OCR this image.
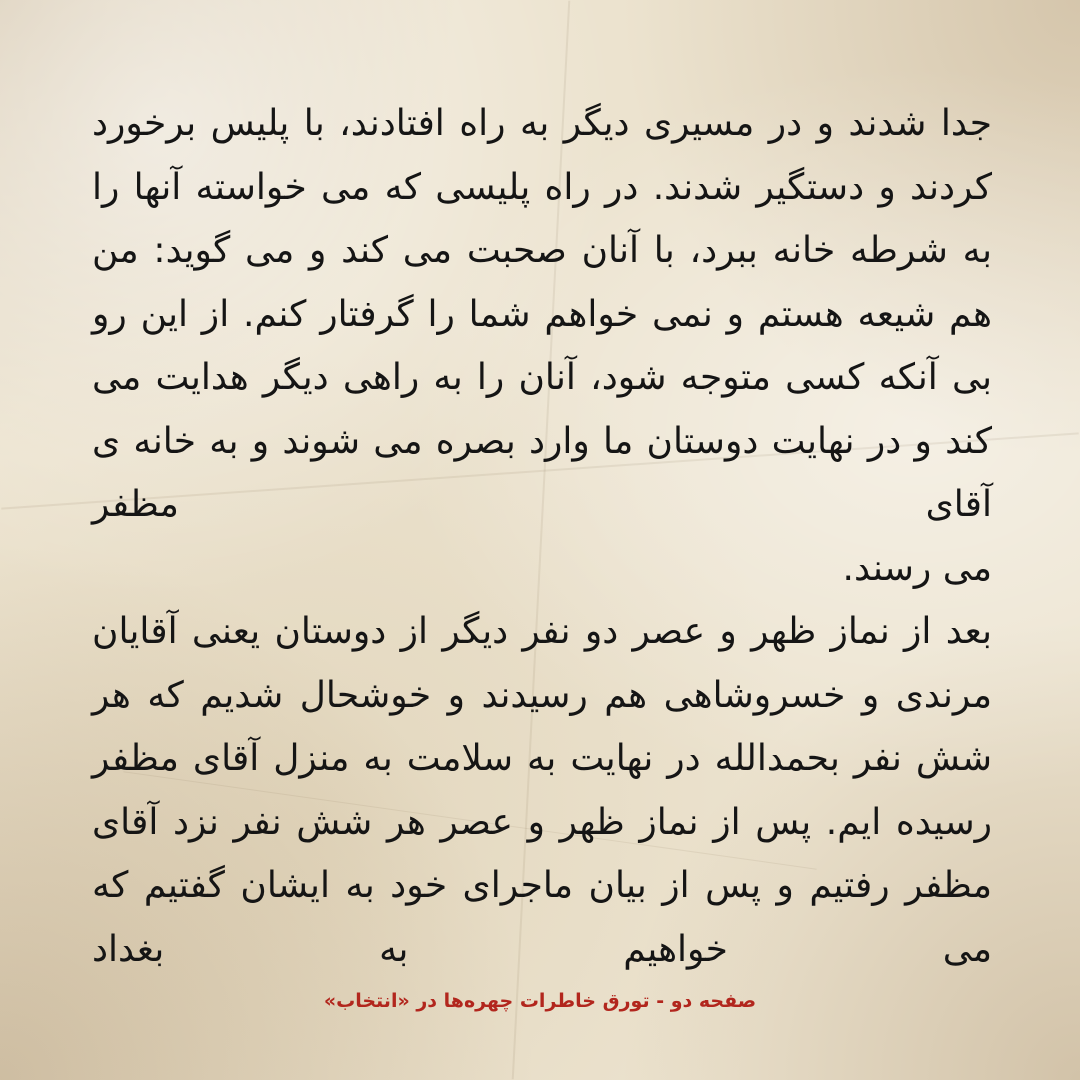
جدا شدند و در مسیری دیگر به راه افتادند، با پلیس برخورد کردند و دستگیر شدند. در راه پلیسی که می خواسته آنها را به شرطه خانه ببرد، با آنان صحبت می کند و می گوید: من هم شیعه هستم و نمی خواهم شما را گرفتار کنم. از این رو بی آنکه کسی متوجه شود، آنان را به راهی دیگر هدایت می کند و در نهایت دوستان ما وارد بصره می شوند و به خانه ی آقای مظفر

می رسند.

بعد از نماز ظهر و عصر دو نفر دیگر از دوستان یعنی آقایان مرندی و خسروشاهی هم رسیدند و خوشحال شدیم که هر شش نفر بحمدالله در نهایت به سلامت به منزل آقای مظفر رسیده ایم. پس از نماز ظهر و عصر هر شش نفر نزد آقای مظفر رفتیم و پس از بیان ماجرای خود به ایشان گفتیم که می خواهیم به بغداد

صفحه دو - تورق خاطرات چهره‌ها در «انتخاب»
